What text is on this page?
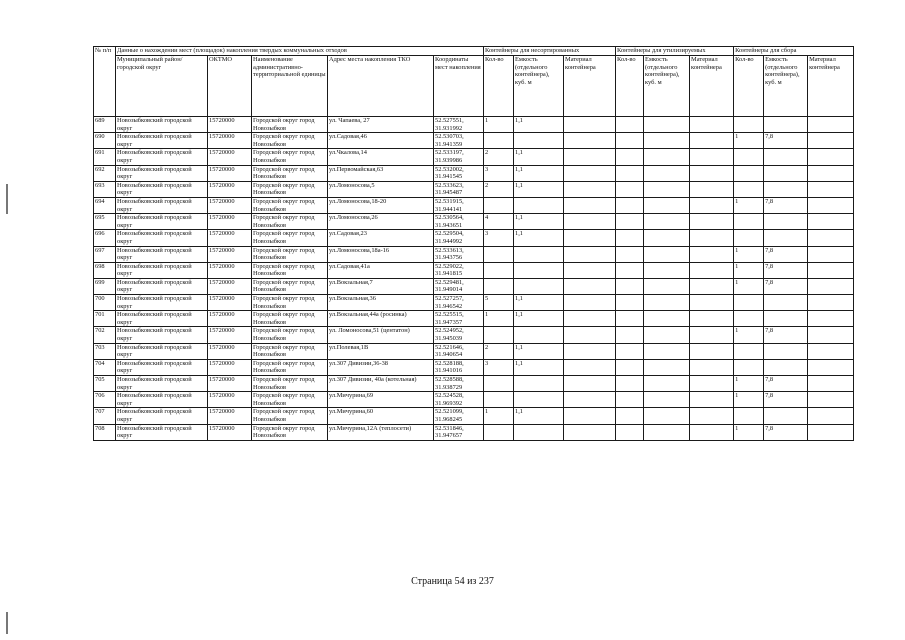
№ п/п	Данные о нахождении мест (площадок) накопления твердых коммунальных отходов					Контейнеры для несортированных			Контейнеры для утилизируемых			Контейнеры для сбора		
	Муниципальный район/городской округ	ОКТМО	Наименование административно-территориальной единицы	Адрес места накопления ТКО	Координаты мест накопления	Кол-во	Емкость (отдельного контейнера), куб. м	Материал контейнера	Кол-во	Емкость (отдельного контейнера), куб. м	Материал контейнера	Кол-во	Емкость (отдельного контейнера), куб. м	Материал контейнера
689	Новозыбковский городской округ	15720000	Городской округ город Новозыбков	ул. Чапаева, 27	52.527551, 31.931992	1	1,1							
690	Новозыбковский городской округ	15720000	Городской округ город Новозыбков	ул.Садовая,46	52.530703, 31.941359							1	7,8	
691	Новозыбковский городской округ	15720000	Городской округ город Новозыбков	ул.Чкалова,14	52.533197, 31.939986	2	1,1							
692	Новозыбковский городской округ	15720000	Городской округ город Новозыбков	ул.Первомайская,63	52.532002, 31.941545	3	1,1							
693	Новозыбковский городской округ	15720000	Городской округ город Новозыбков	ул.Ломоносова,5	52.533623, 31.945487	2	1,1							
694	Новозыбковский городской округ	15720000	Городской округ город Новозыбков	ул.Ломоносова,18-20	52.531915, 31.944141							1	7,8	
695	Новозыбковский городской округ	15720000	Городской округ город Новозыбков	ул.Ломоносова,26	52.530564, 31.943651	4	1,1							
696	Новозыбковский городской округ	15720000	Городской округ город Новозыбков	ул.Садовая,23	52.529504, 31.944992	3	1,1							
697	Новозыбковский городской округ	15720000	Городской округ город Новозыбков	ул.Ломоносова,18а-16	52.533613, 31.943756							1	7,8	
698	Новозыбковский городской округ	15720000	Городской округ город Новозыбков	ул.Садовая,41а	52.529022, 31.941815							1	7,8	
699	Новозыбковский городской округ	15720000	Городской округ город Новозыбков	ул.Вокзальная,7	52.529481, 31.949014							1	7,8	
700	Новозыбковский городской округ	15720000	Городской округ город Новозыбков	ул.Вокзальная,36	52.527257, 31.946542	5	1,1							
701	Новозыбковский городской округ	15720000	Городской округ город Новозыбков	ул.Вокзальная,44а (росинка)	52.525515, 31.947357	1	1,1							
702	Новозыбковский городской округ	15720000	Городской округ город Новозыбков	ул. Ломоносова,51 (центатон)	52.524952, 31.945039							1	7,8	
703	Новозыбковский городской округ	15720000	Городской округ город Новозыбков	ул.Полевая,1В	52.521646, 31.940654	2	1,1							
704	Новозыбковский городской округ	15720000	Городской округ город Новозыбков	ул.307 Дивизии,36-38	52.528188, 31.941016	3	1,1							
705	Новозыбковский городской округ	15720000	Городской округ город Новозыбков	ул.307 Дивизии, 40а (котельная)	52.528588, 31.938729							1	7,8	
706	Новозыбковский городской округ	15720000	Городской округ город Новозыбков	ул.Мичурина,69	52.524528, 31.969392							1	7,8	
707	Новозыбковский городской округ	15720000	Городской округ город Новозыбков	ул.Мичурина,60	52.521099, 31.968245	1	1,1							
708	Новозыбковский городской округ	15720000	Городской округ город Новозыбков	ул.Мичурина,12А (теплосети)	52.531846, 31.947657							1	7,8	
Страница 54 из 237
